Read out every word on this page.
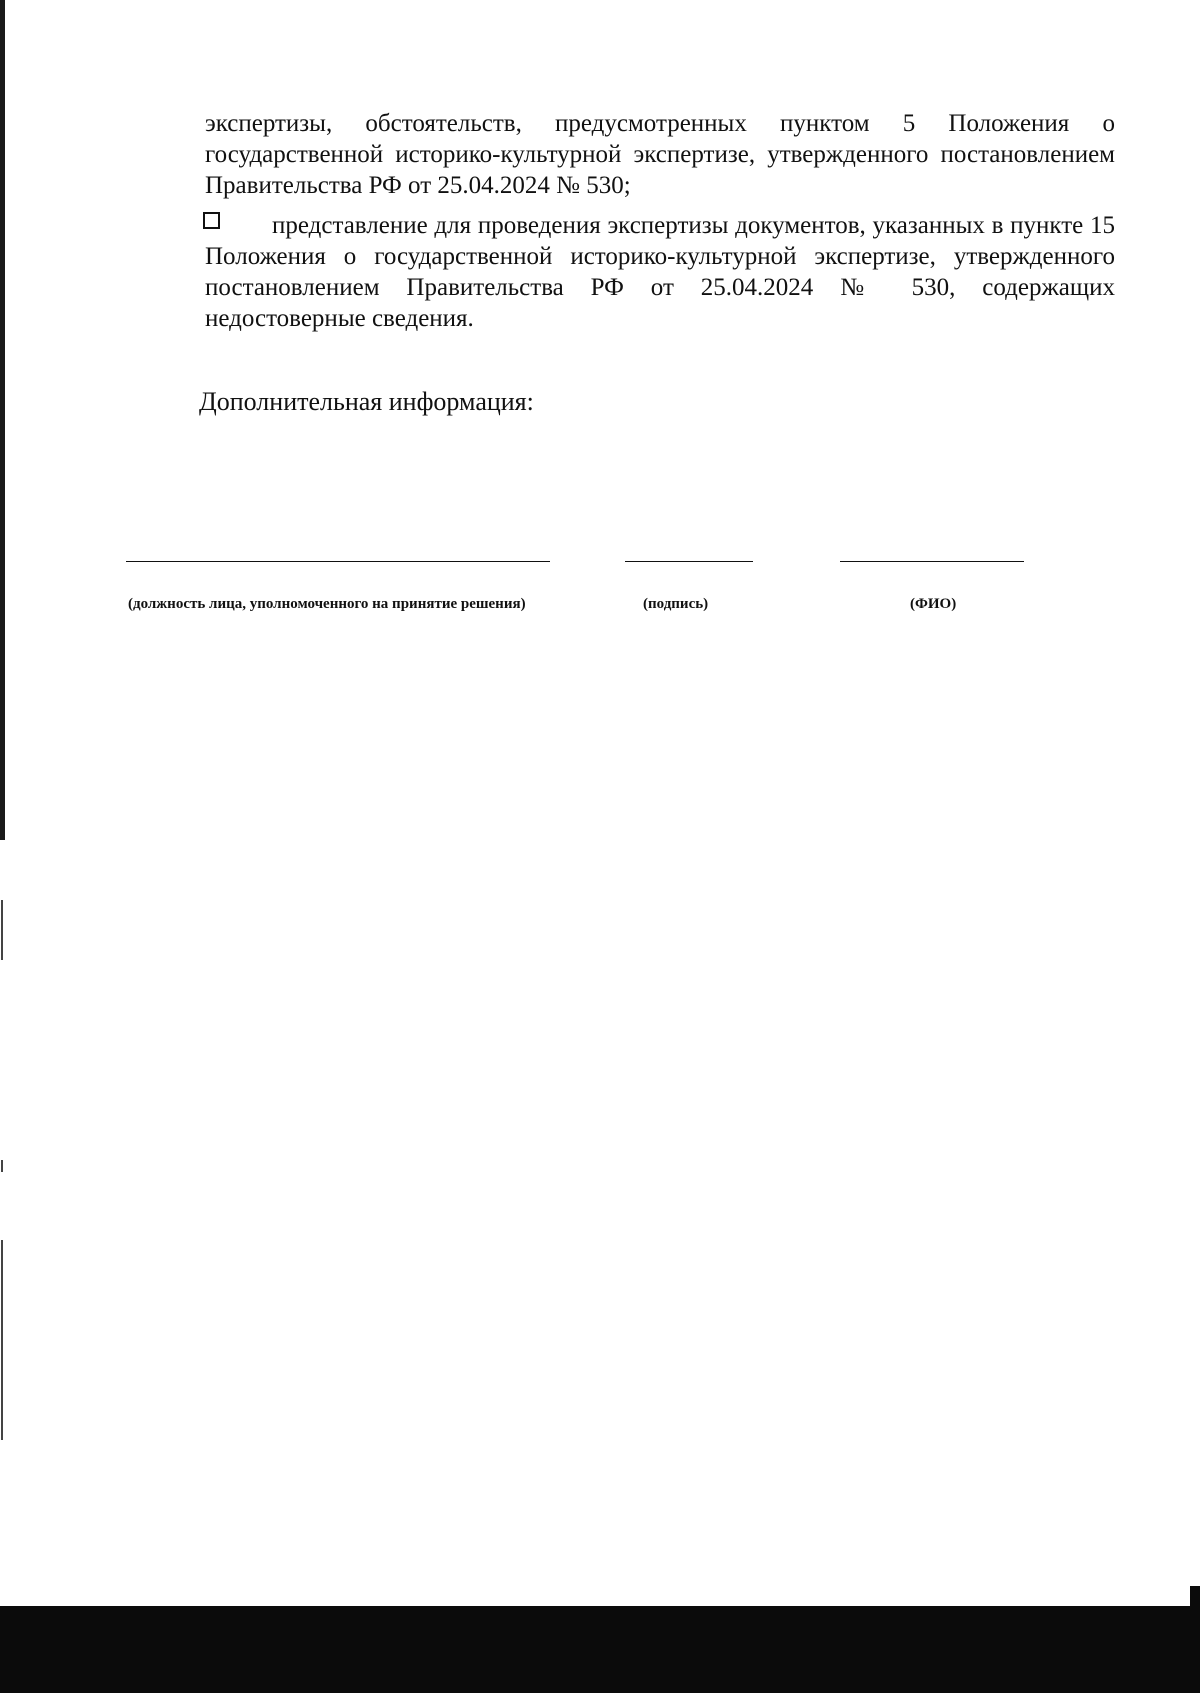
экспертизы, обстоятельств, предусмотренных пунктом 5 Положения о государственной историко-культурной экспертизе, утвержденного постановлением Правительства РФ от 25.04.2024 № 530;

представление для проведения экспертизы документов, указанных в пункте 15 Положения о государственной историко-культурной экспертизе, утвержденного постановлением Правительства РФ от 25.04.2024 № 530, содержащих недостоверные сведения.

Дополнительная информация:

(должность лица, уполномоченного на принятие решения)	(подпись)	(ФИО)
